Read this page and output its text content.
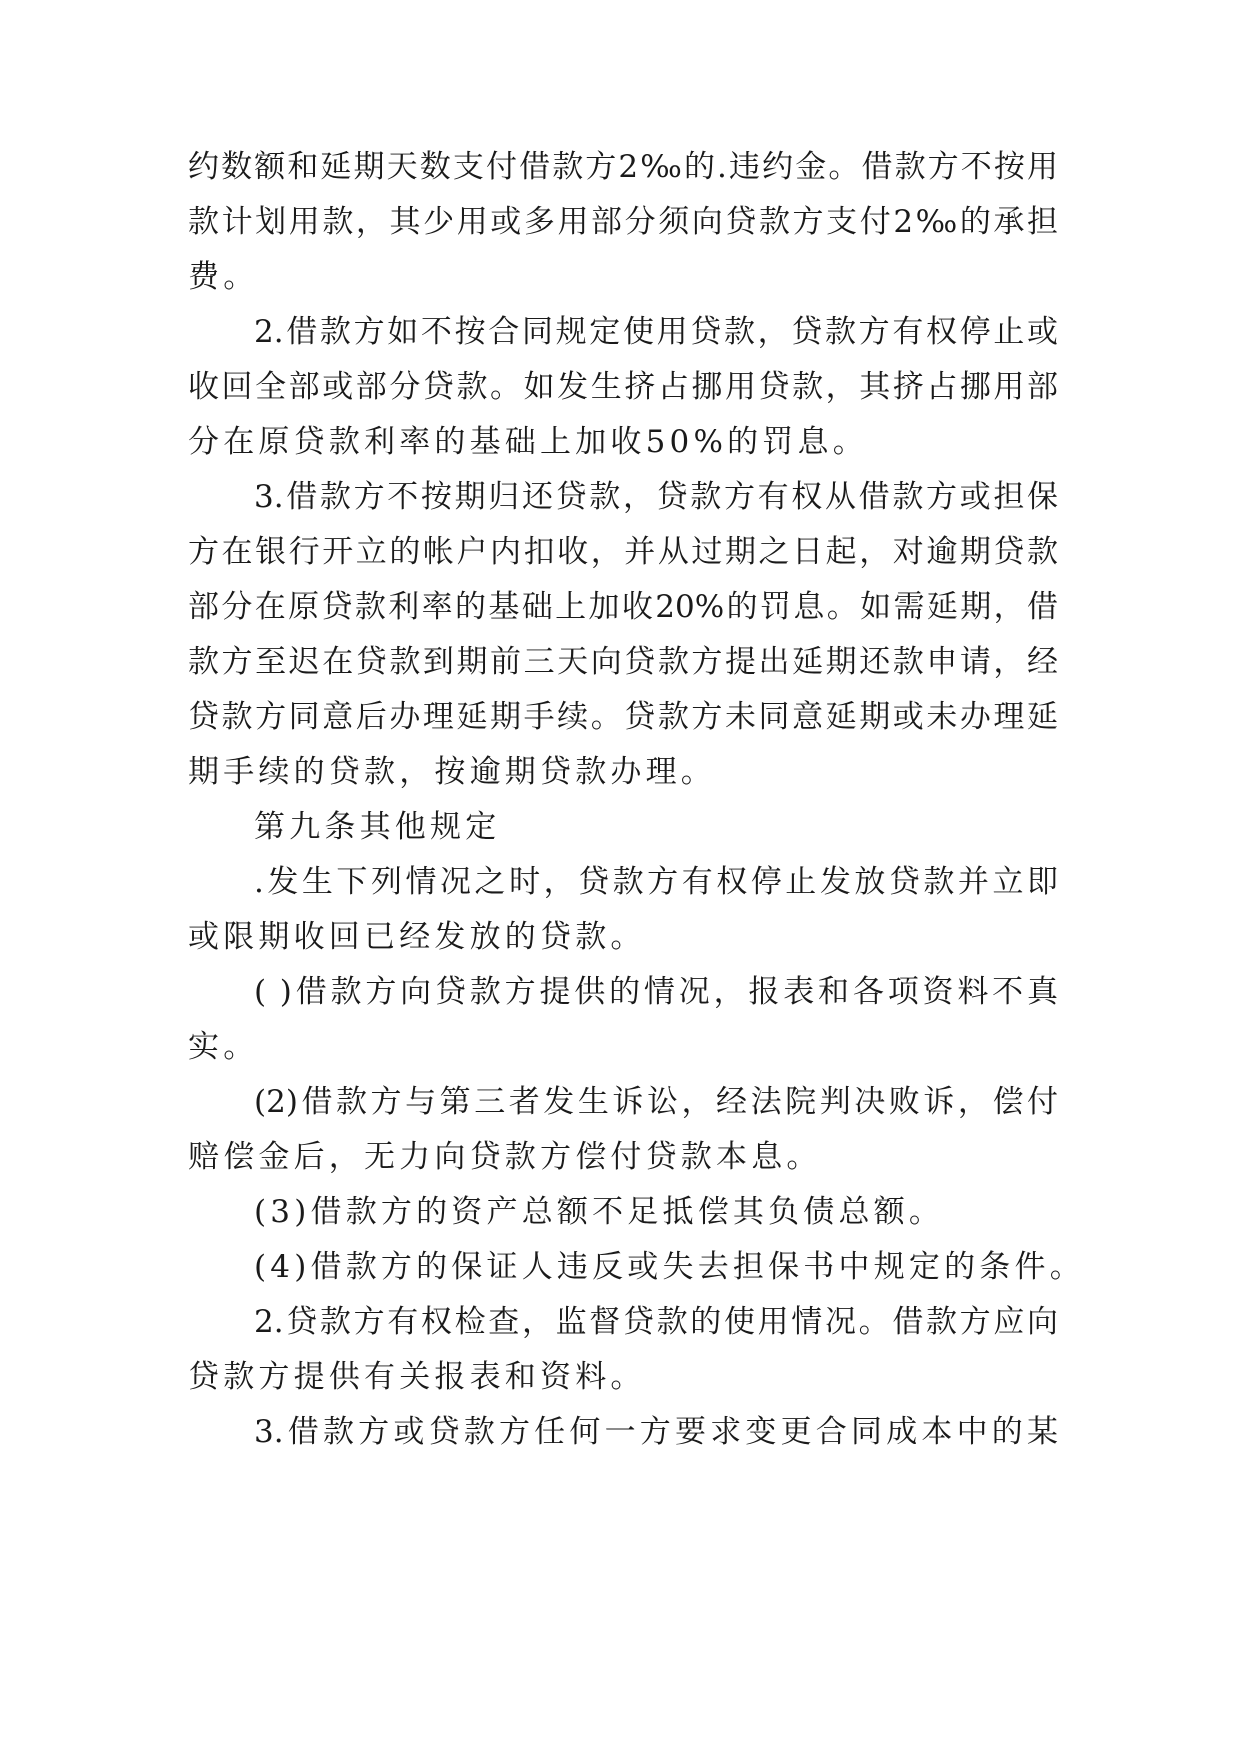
约数额和延期天数支付借款方2‰的.违约金。借款方不按用
款计划用款，其少用或多用部分须向贷款方支付2‰的承担
费。
2.借款方如不按合同规定使用贷款，贷款方有权停止或
收回全部或部分贷款。如发生挤占挪用贷款，其挤占挪用部
分在原贷款利率的基础上加收50%的罚息。
3.借款方不按期归还贷款，贷款方有权从借款方或担保
方在银行开立的帐户内扣收，并从过期之日起，对逾期贷款
部分在原贷款利率的基础上加收20%的罚息。如需延期，借
款方至迟在贷款到期前三天向贷款方提出延期还款申请，经
贷款方同意后办理延期手续。贷款方未同意延期或未办理延
期手续的贷款，按逾期贷款办理。
第九条其他规定
.发生下列情况之时，贷款方有权停止发放贷款并立即
或限期收回已经发放的贷款。
( )借款方向贷款方提供的情况，报表和各项资料不真
实。
(2)借款方与第三者发生诉讼，经法院判决败诉，偿付
赔偿金后，无力向贷款方偿付贷款本息。
(3)借款方的资产总额不足抵偿其负债总额。
(4)借款方的保证人违反或失去担保书中规定的条件。
2.贷款方有权检查，监督贷款的使用情况。借款方应向
贷款方提供有关报表和资料。
3.借款方或贷款方任何一方要求变更合同成本中的某
